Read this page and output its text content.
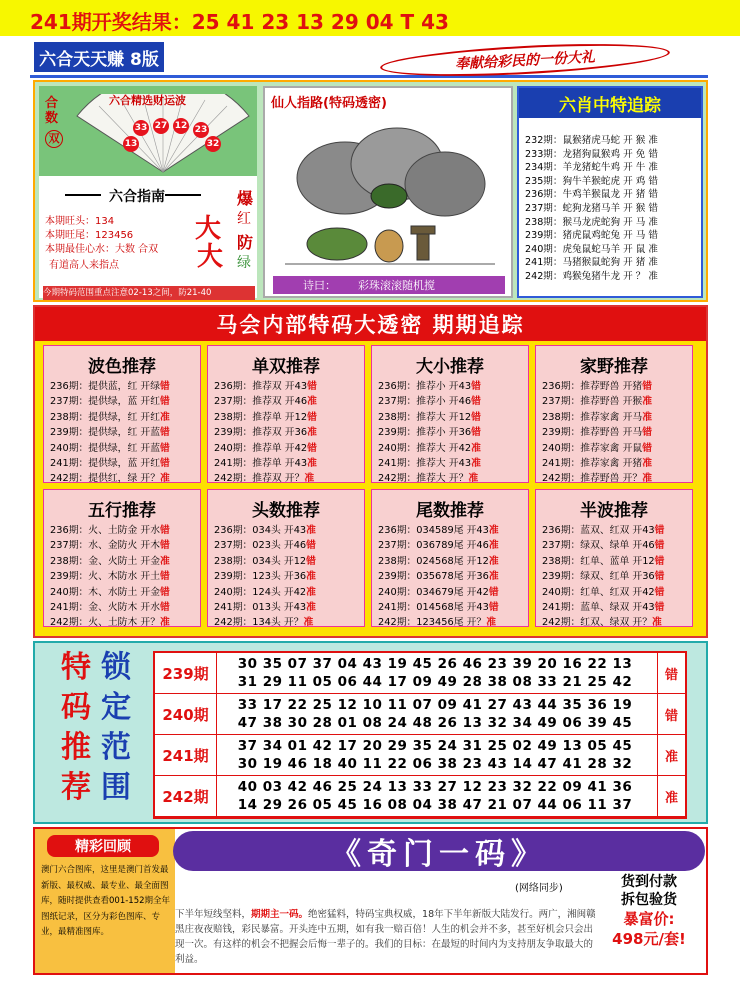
241期开奖结果：25 41 23 13 29 04 T 43
六合天天赚 8版	奉献给彩民的一份大礼
合数
双
六合精选财运波
33 27 12 23
13	32
六合指南
本期旺头：134
本期旺尾：123456
本期最佳心水：大数 合双
有道高人来指点
大
大
爆
红
防
绿
今期特码范围重点注意02-13之间，防21-40
仙人指路(特码透密)
诗曰： 彩珠滚滚随机搅
六肖中特追踪
232期：鼠猴猪虎马蛇 开 猴 准
233期：龙猪狗鼠猴鸡 开 免 错
234期：羊龙猪蛇牛鸡 开 牛 准
235期：狗牛羊猴蛇虎 开 鸡 错
236期：牛鸡羊猴鼠龙 开 猪 错
237期：蛇狗龙猪马羊 开 猴 错
238期：猴马龙虎蛇狗 开 马 准
239期：猪虎鼠鸡蛇兔 开 马 错
240期：虎兔鼠蛇马羊 开 鼠 准
241期：马猪猴鼠蛇狗 开 猪 准
242期：鸡猴兔猪牛龙 开 ？ 准
马会内部特码大透密 期期追踪
波色推荐
236期：提供蓝，红 开绿错
237期：提供绿，蓝 开红错
238期：提供绿，红 开红准
239期：提供绿，红 开蓝错
240期：提供绿，红 开蓝错
241期：提供绿，蓝 开红错
242期：提供红，绿 开？准
单双推荐
236期：推荐双 开43错
237期：推荐双 开46准
238期：推荐单 开12错
239期：推荐双 开36准
240期：推荐单 开42错
241期：推荐单 开43准
242期：推荐双 开？准
大小推荐
236期：推荐小 开43错
237期：推荐小 开46错
238期：推荐大 开12错
239期：推荐小 开36错
240期：推荐大 开42准
241期：推荐大 开43准
242期：推荐大 开？准
家野推荐
236期：推荐野兽 开猪错
237期：推荐野兽 开猴准
238期：推荐家禽 开马准
239期：推荐野兽 开马错
240期：推荐家禽 开鼠错
241期：推荐家禽 开猪准
242期：推荐野兽 开？准
五行推荐
236期：火、土防金 开水错
237期：水、金防火 开木错
238期：金、火防土 开金准
239期：火、木防水 开土错
240期：木、水防土 开金错
241期：金、火防木 开水错
242期：火、土防木 开？准
头数推荐
236期：034头 开43准
237期：023头 开46错
238期：034头 开12错
239期：123头 开36准
240期：124头 开42准
241期：013头 开43准
242期：134头 开？准
尾数推荐
236期：034589尾 开43准
237期：036789尾 开46准
238期：024568尾 开12准
239期：035678尾 开36准
240期：034679尾 开42错
241期：014568尾 开43错
242期：123456尾 开？准
半波推荐
236期：蓝双、红双 开43错
237期：绿双、绿单 开46错
238期：红单、蓝单 开12错
239期：绿双、红单 开36错
240期：红单、红双 开42错
241期：蓝单、绿双 开43错
242期：红双、绿双 开？准
特
码
推
荐
锁
定
范
围
239期
30 35 07 37 04 43 19 45 26 46 23 39 20 16 22 13
31 29 11 05 06 44 17 09 49 28 38 08 33 21 25 42	错
240期
33 17 22 25 12 10 11 07 09 41 27 43 44 35 36 19
47 38 30 28 01 08 24 48 26 13 32 34 49 06 39 45	错
241期
37 34 01 42 17 20 29 35 24 31 25 02 49 13 05 45
30 19 46 18 40 11 22 06 38 23 43 14 47 41 28 32	准
242期
40 03 42 46 25 24 13 33 27 12 23 32 22 09 41 36
14 29 26 05 45 16 08 04 38 47 21 07 44 06 11 37	准
精彩回顾
澳门六合图库，这里是澳门首发最新版、最权威、最专业、最全面图库，随时提供查看001-152期全年图纸记录，区分为彩色图库、专业，最精准图库。
《奇门一码》
(网络同步)
下半年短线坚料，期期主一码。绝密猛料，特码宝典权威，18年下半年新版大陆发行。两广，湘闽赣黑庄夜夜赔钱，彩民暴富。开头连中五期，如有我一赔百倍！人生的机会并不多，甚至好机会只会出现一次。有这样的机会不把握会后悔一辈子的。我们的目标：在最短的时间内为支持朋友争取最大的利益。
货到付款
拆包验货
暴富价:
498元/套!
